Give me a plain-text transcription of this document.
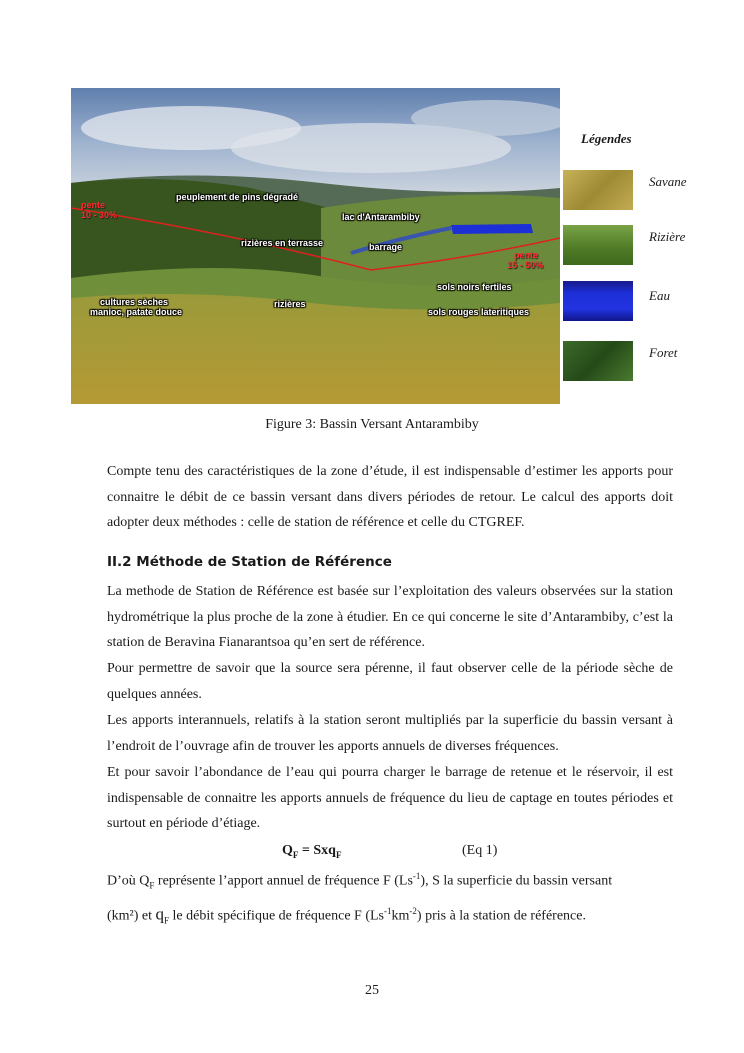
peuplement de pins dégradé
pente
10 - 30%	lac d'Antarambiby
rizières en terrasse	barrage
pente
15 - 50%
sols noirs fertiles
cultures sèches
manioc, patate douce
rizières
sols rouges lateritiques
Légendes
Savane
Rizière
Eau
Foret
Figure 3: Bassin Versant Antarambiby

Compte tenu des caractéristiques de la zone d’étude, il est indispensable d’estimer les apports pour connaitre le débit de ce bassin versant dans divers périodes de retour. Le calcul des apports doit adopter deux méthodes : celle de station de référence et celle du CTGREF.

II.2 Méthode de Station de Référence

La methode de Station de Référence est basée sur l’exploitation des valeurs observées sur la station hydrométrique la plus proche de la zone à étudier. En ce qui concerne le site d’Antarambiby, c’est la station de Beravina Fianarantsoa qu’en sert de référence.

Pour permettre de savoir que la source sera pérenne, il faut observer celle de la période sèche de quelques années.

Les apports interannuels, relatifs à la station seront multipliés par la superficie du bassin versant à l’endroit de l’ouvrage afin de trouver les apports annuels de diverses fréquences.

Et pour savoir l’abondance de l’eau qui pourra charger le barrage de retenue et le réservoir, il est indispensable de connaitre les apports annuels de fréquence du lieu de captage en toutes périodes et surtout en période d’étiage.

$Q_F = Sxq_F$	(Eq 1)

D’où $Q_F$ représente l’apport annuel de fréquence F $(Ls^{-1})$, S la superficie du bassin versant
(km²) et $q_F$ le débit spécifique de fréquence F $(Ls^{-1}km^{-2})$ pris à la station de référence.

25
